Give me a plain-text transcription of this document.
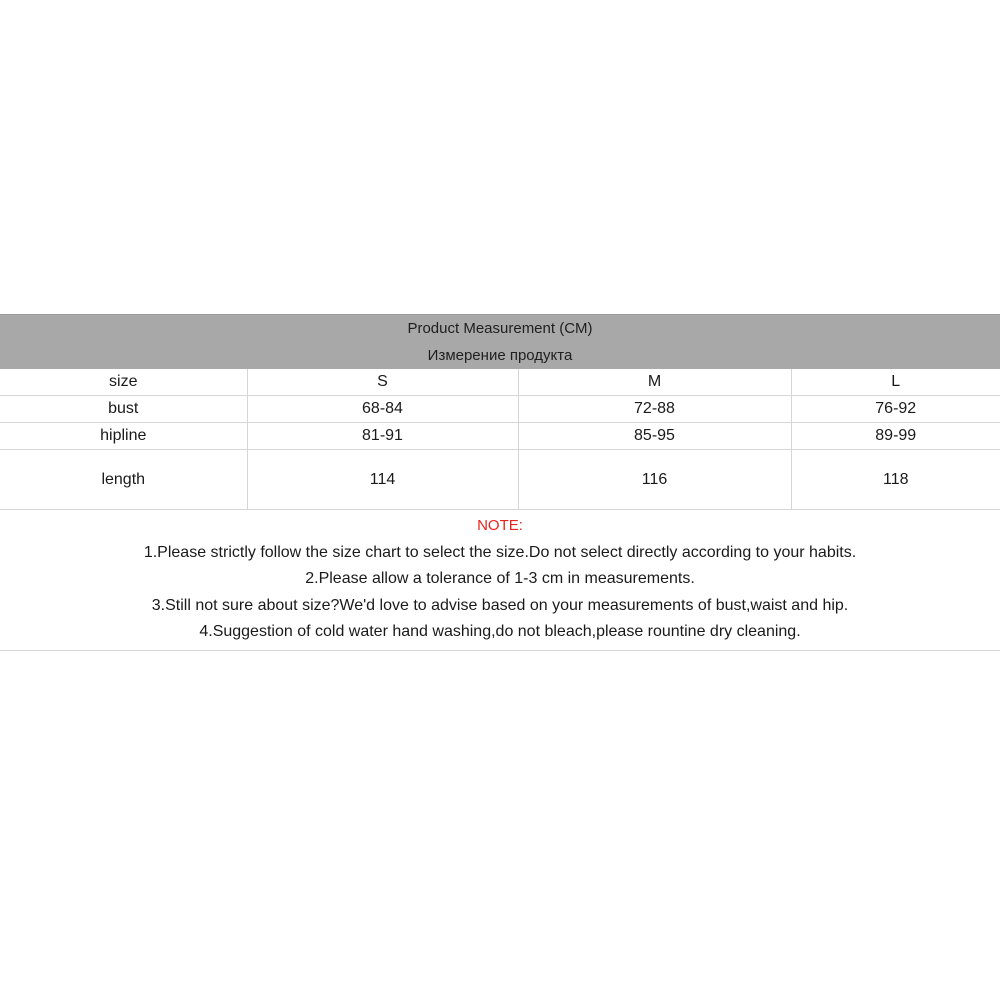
Product Measurement (CM)
Измерение продукта
size	S	M	L
bust	68-84	72-88	76-92
hipline	81-91	85-95	89-99
length	114	116	118
NOTE:
1.Please strictly follow the size chart to select the size.Do not select directly according to your habits.
2.Please allow a tolerance of 1-3 cm in measurements.
3.Still not sure about size?We'd love to advise based on your measurements of bust,waist and hip.
4.Suggestion of cold water hand washing,do not bleach,please rountine dry cleaning.
